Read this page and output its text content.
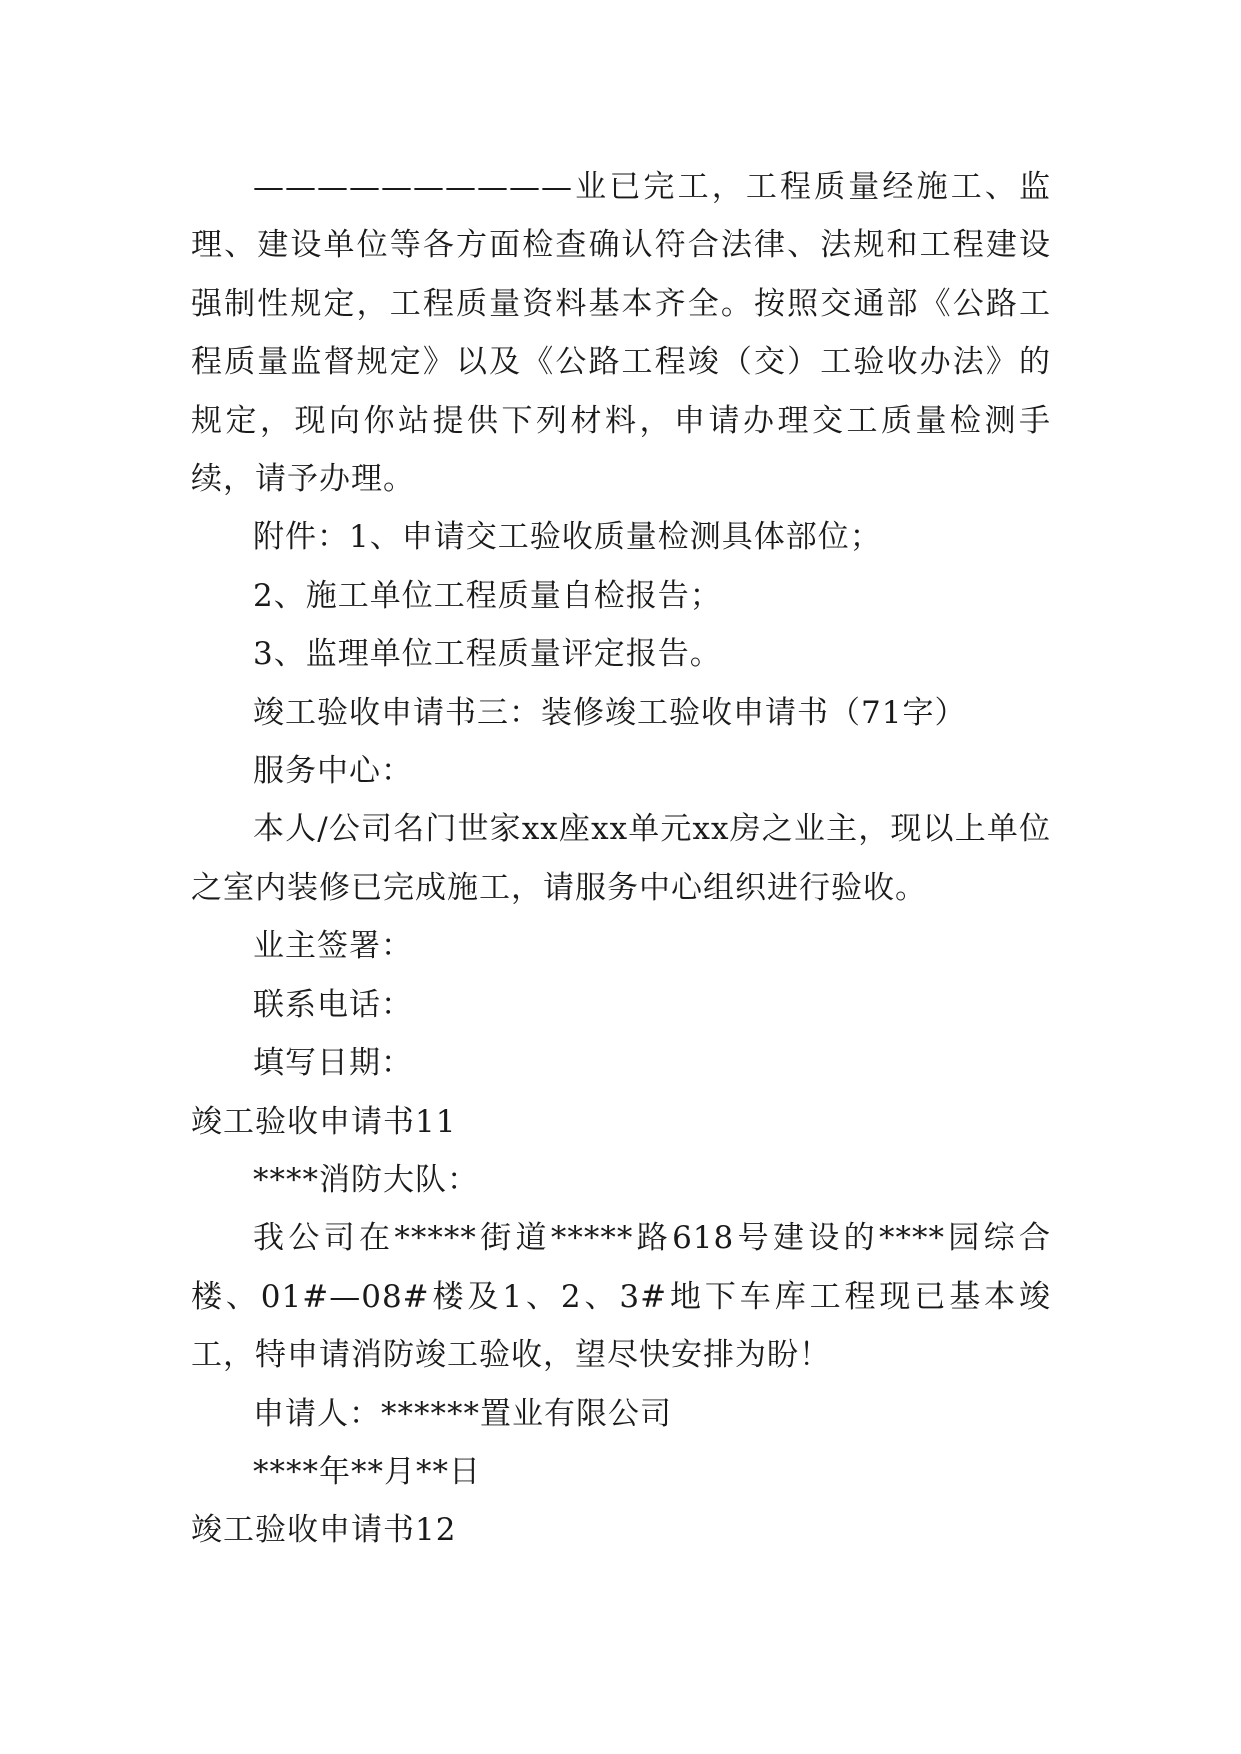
——————————业已完工，工程质量经施工、监理、建设单位等各方面检查确认符合法律、法规和工程建设强制性规定，工程质量资料基本齐全。按照交通部《公路工程质量监督规定》以及《公路工程竣（交）工验收办法》的规定，现向你站提供下列材料，申请办理交工质量检测手续，请予办理。

附件：1、申请交工验收质量检测具体部位；

2、施工单位工程质量自检报告；

3、监理单位工程质量评定报告。

竣工验收申请书三：装修竣工验收申请书（71字）

服务中心：

本人/公司名门世家xx座xx单元xx房之业主，现以上单位之室内装修已完成施工，请服务中心组织进行验收。

业主签署：

联系电话：

填写日期：

竣工验收申请书11

****消防大队：

我公司在*****街道*****路618号建设的****园综合楼、01#—08#楼及1、2、3#地下车库工程现已基本竣工，特申请消防竣工验收，望尽快安排为盼！

申请人：******置业有限公司

****年**月**日

竣工验收申请书12
